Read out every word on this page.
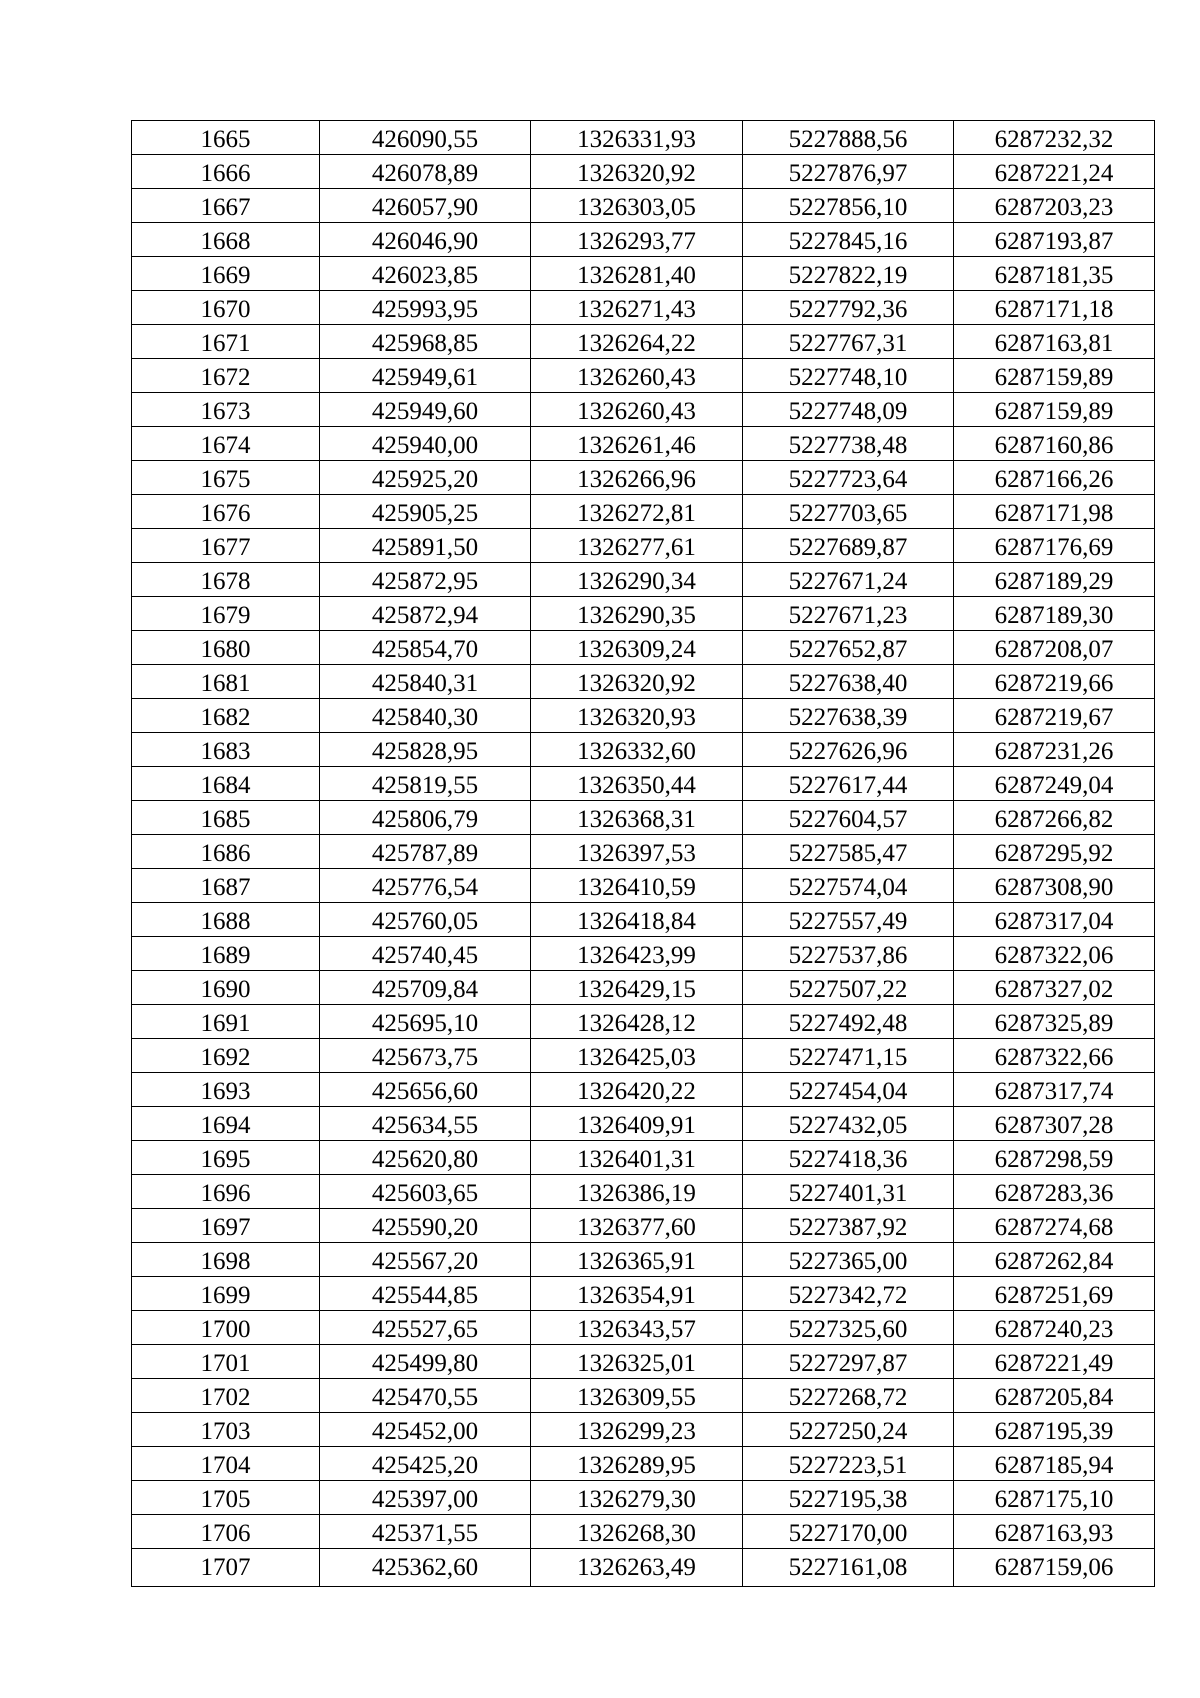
1665	426090,55	1326331,93	5227888,56	6287232,32
1666	426078,89	1326320,92	5227876,97	6287221,24
1667	426057,90	1326303,05	5227856,10	6287203,23
1668	426046,90	1326293,77	5227845,16	6287193,87
1669	426023,85	1326281,40	5227822,19	6287181,35
1670	425993,95	1326271,43	5227792,36	6287171,18
1671	425968,85	1326264,22	5227767,31	6287163,81
1672	425949,61	1326260,43	5227748,10	6287159,89
1673	425949,60	1326260,43	5227748,09	6287159,89
1674	425940,00	1326261,46	5227738,48	6287160,86
1675	425925,20	1326266,96	5227723,64	6287166,26
1676	425905,25	1326272,81	5227703,65	6287171,98
1677	425891,50	1326277,61	5227689,87	6287176,69
1678	425872,95	1326290,34	5227671,24	6287189,29
1679	425872,94	1326290,35	5227671,23	6287189,30
1680	425854,70	1326309,24	5227652,87	6287208,07
1681	425840,31	1326320,92	5227638,40	6287219,66
1682	425840,30	1326320,93	5227638,39	6287219,67
1683	425828,95	1326332,60	5227626,96	6287231,26
1684	425819,55	1326350,44	5227617,44	6287249,04
1685	425806,79	1326368,31	5227604,57	6287266,82
1686	425787,89	1326397,53	5227585,47	6287295,92
1687	425776,54	1326410,59	5227574,04	6287308,90
1688	425760,05	1326418,84	5227557,49	6287317,04
1689	425740,45	1326423,99	5227537,86	6287322,06
1690	425709,84	1326429,15	5227507,22	6287327,02
1691	425695,10	1326428,12	5227492,48	6287325,89
1692	425673,75	1326425,03	5227471,15	6287322,66
1693	425656,60	1326420,22	5227454,04	6287317,74
1694	425634,55	1326409,91	5227432,05	6287307,28
1695	425620,80	1326401,31	5227418,36	6287298,59
1696	425603,65	1326386,19	5227401,31	6287283,36
1697	425590,20	1326377,60	5227387,92	6287274,68
1698	425567,20	1326365,91	5227365,00	6287262,84
1699	425544,85	1326354,91	5227342,72	6287251,69
1700	425527,65	1326343,57	5227325,60	6287240,23
1701	425499,80	1326325,01	5227297,87	6287221,49
1702	425470,55	1326309,55	5227268,72	6287205,84
1703	425452,00	1326299,23	5227250,24	6287195,39
1704	425425,20	1326289,95	5227223,51	6287185,94
1705	425397,00	1326279,30	5227195,38	6287175,10
1706	425371,55	1326268,30	5227170,00	6287163,93
1707	425362,60	1326263,49	5227161,08	6287159,06
